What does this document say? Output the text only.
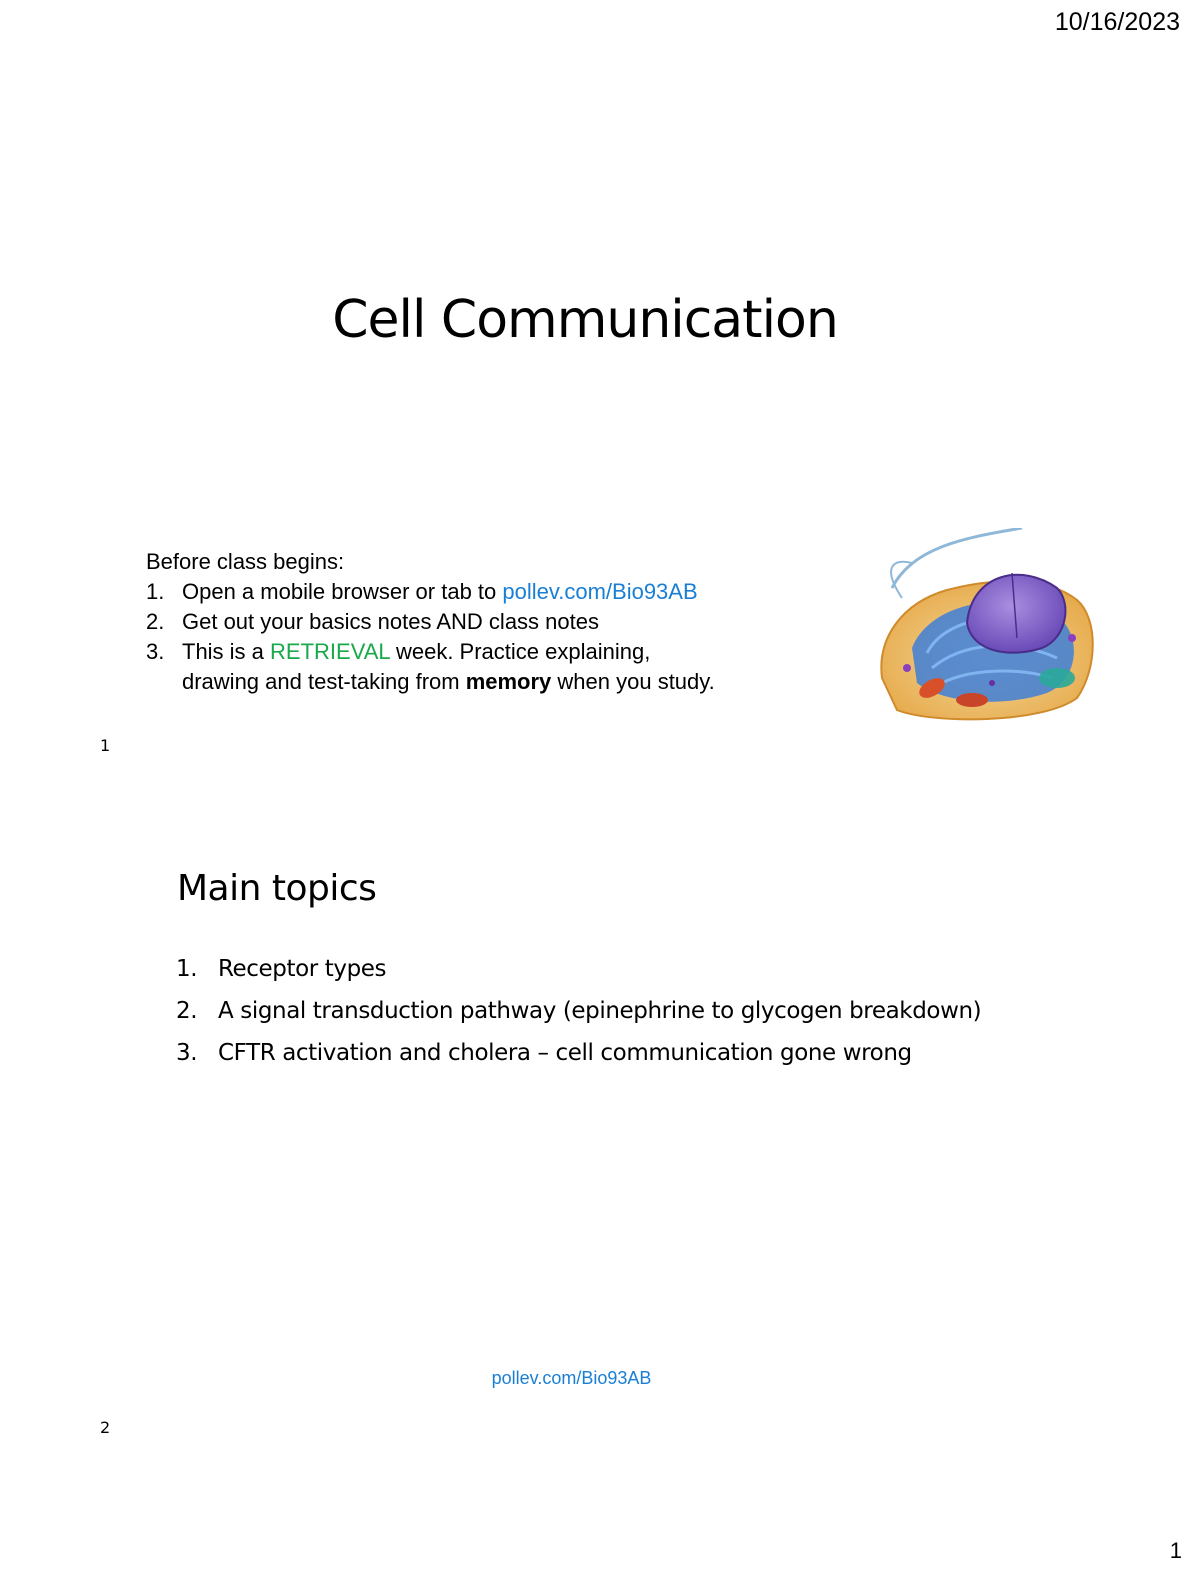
10/16/2023
Cell Communication
Before class begins:
1. Open a mobile browser or tab to pollev.com/Bio93AB
2. Get out your basics notes AND class notes
3. This is a RETRIEVAL week. Practice explaining,
drawing and test-taking from memory when you study.
1
Main topics
1. Receptor types
2. A signal transduction pathway (epinephrine to glycogen breakdown)
3. CFTR activation and cholera – cell communication gone wrong
pollev.com/Bio93AB
2
1
